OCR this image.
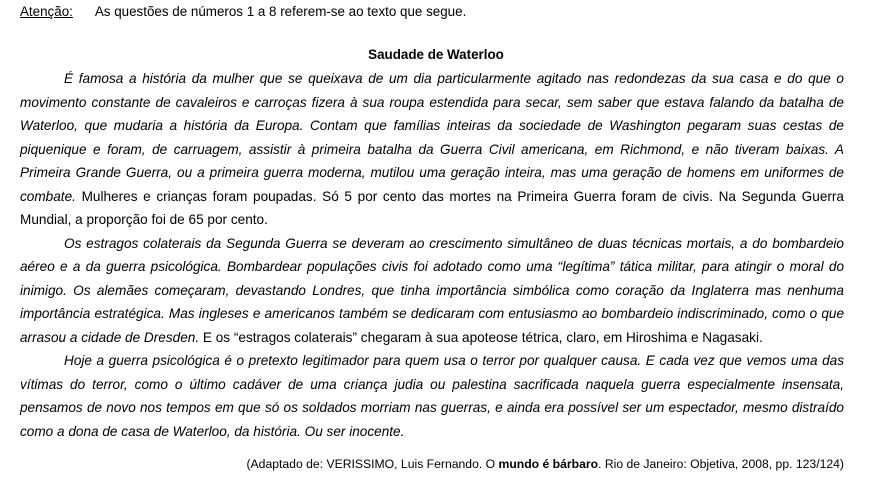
Atenção: As questões de números 1 a 8 referem-se ao texto que segue.
Saudade de Waterloo

É famosa a história da mulher que se queixava de um dia particularmente agitado nas redondezas da sua casa e do que o movimento constante de cavaleiros e carroças fizera à sua roupa estendida para secar, sem saber que estava falando da batalha de Waterloo, que mudaria a história da Europa. Contam que famílias inteiras da sociedade de Washington pegaram suas cestas de piquenique e foram, de carruagem, assistir à primeira batalha da Guerra Civil americana, em Richmond, e não tiveram baixas. A Primeira Grande Guerra, ou a primeira guerra moderna, mutilou uma geração inteira, mas uma geração de homens em uniformes de combate. Mulheres e crianças foram poupadas. Só 5 por cento das mortes na Primeira Guerra foram de civis. Na Segunda Guerra Mundial, a proporção foi de 65 por cento.

Os estragos colaterais da Segunda Guerra se deveram ao crescimento simultâneo de duas técnicas mortais, a do bombardeio aéreo e a da guerra psicológica. Bombardear populações civis foi adotado como uma “legítima” tática militar, para atingir o moral do inimigo. Os alemães começaram, devastando Londres, que tinha importância simbólica como coração da Inglaterra mas nenhuma importância estratégica. Mas ingleses e americanos também se dedicaram com entusiasmo ao bombardeio indiscriminado, como o que arrasou a cidade de Dresden. E os “estragos colaterais” chegaram à sua apoteose tétrica, claro, em Hiroshima e Nagasaki.

Hoje a guerra psicológica é o pretexto legitimador para quem usa o terror por qualquer causa. E cada vez que vemos uma das vítimas do terror, como o último cadáver de uma criança judia ou palestina sacrificada naquela guerra especialmente insensata, pensamos de novo nos tempos em que só os soldados morriam nas guerras, e ainda era possível ser um espectador, mesmo distraído como a dona de casa de Waterloo, da história. Ou ser inocente.

(Adaptado de: VERISSIMO, Luis Fernando. O mundo é bárbaro. Rio de Janeiro: Objetiva, 2008, pp. 123/124)
